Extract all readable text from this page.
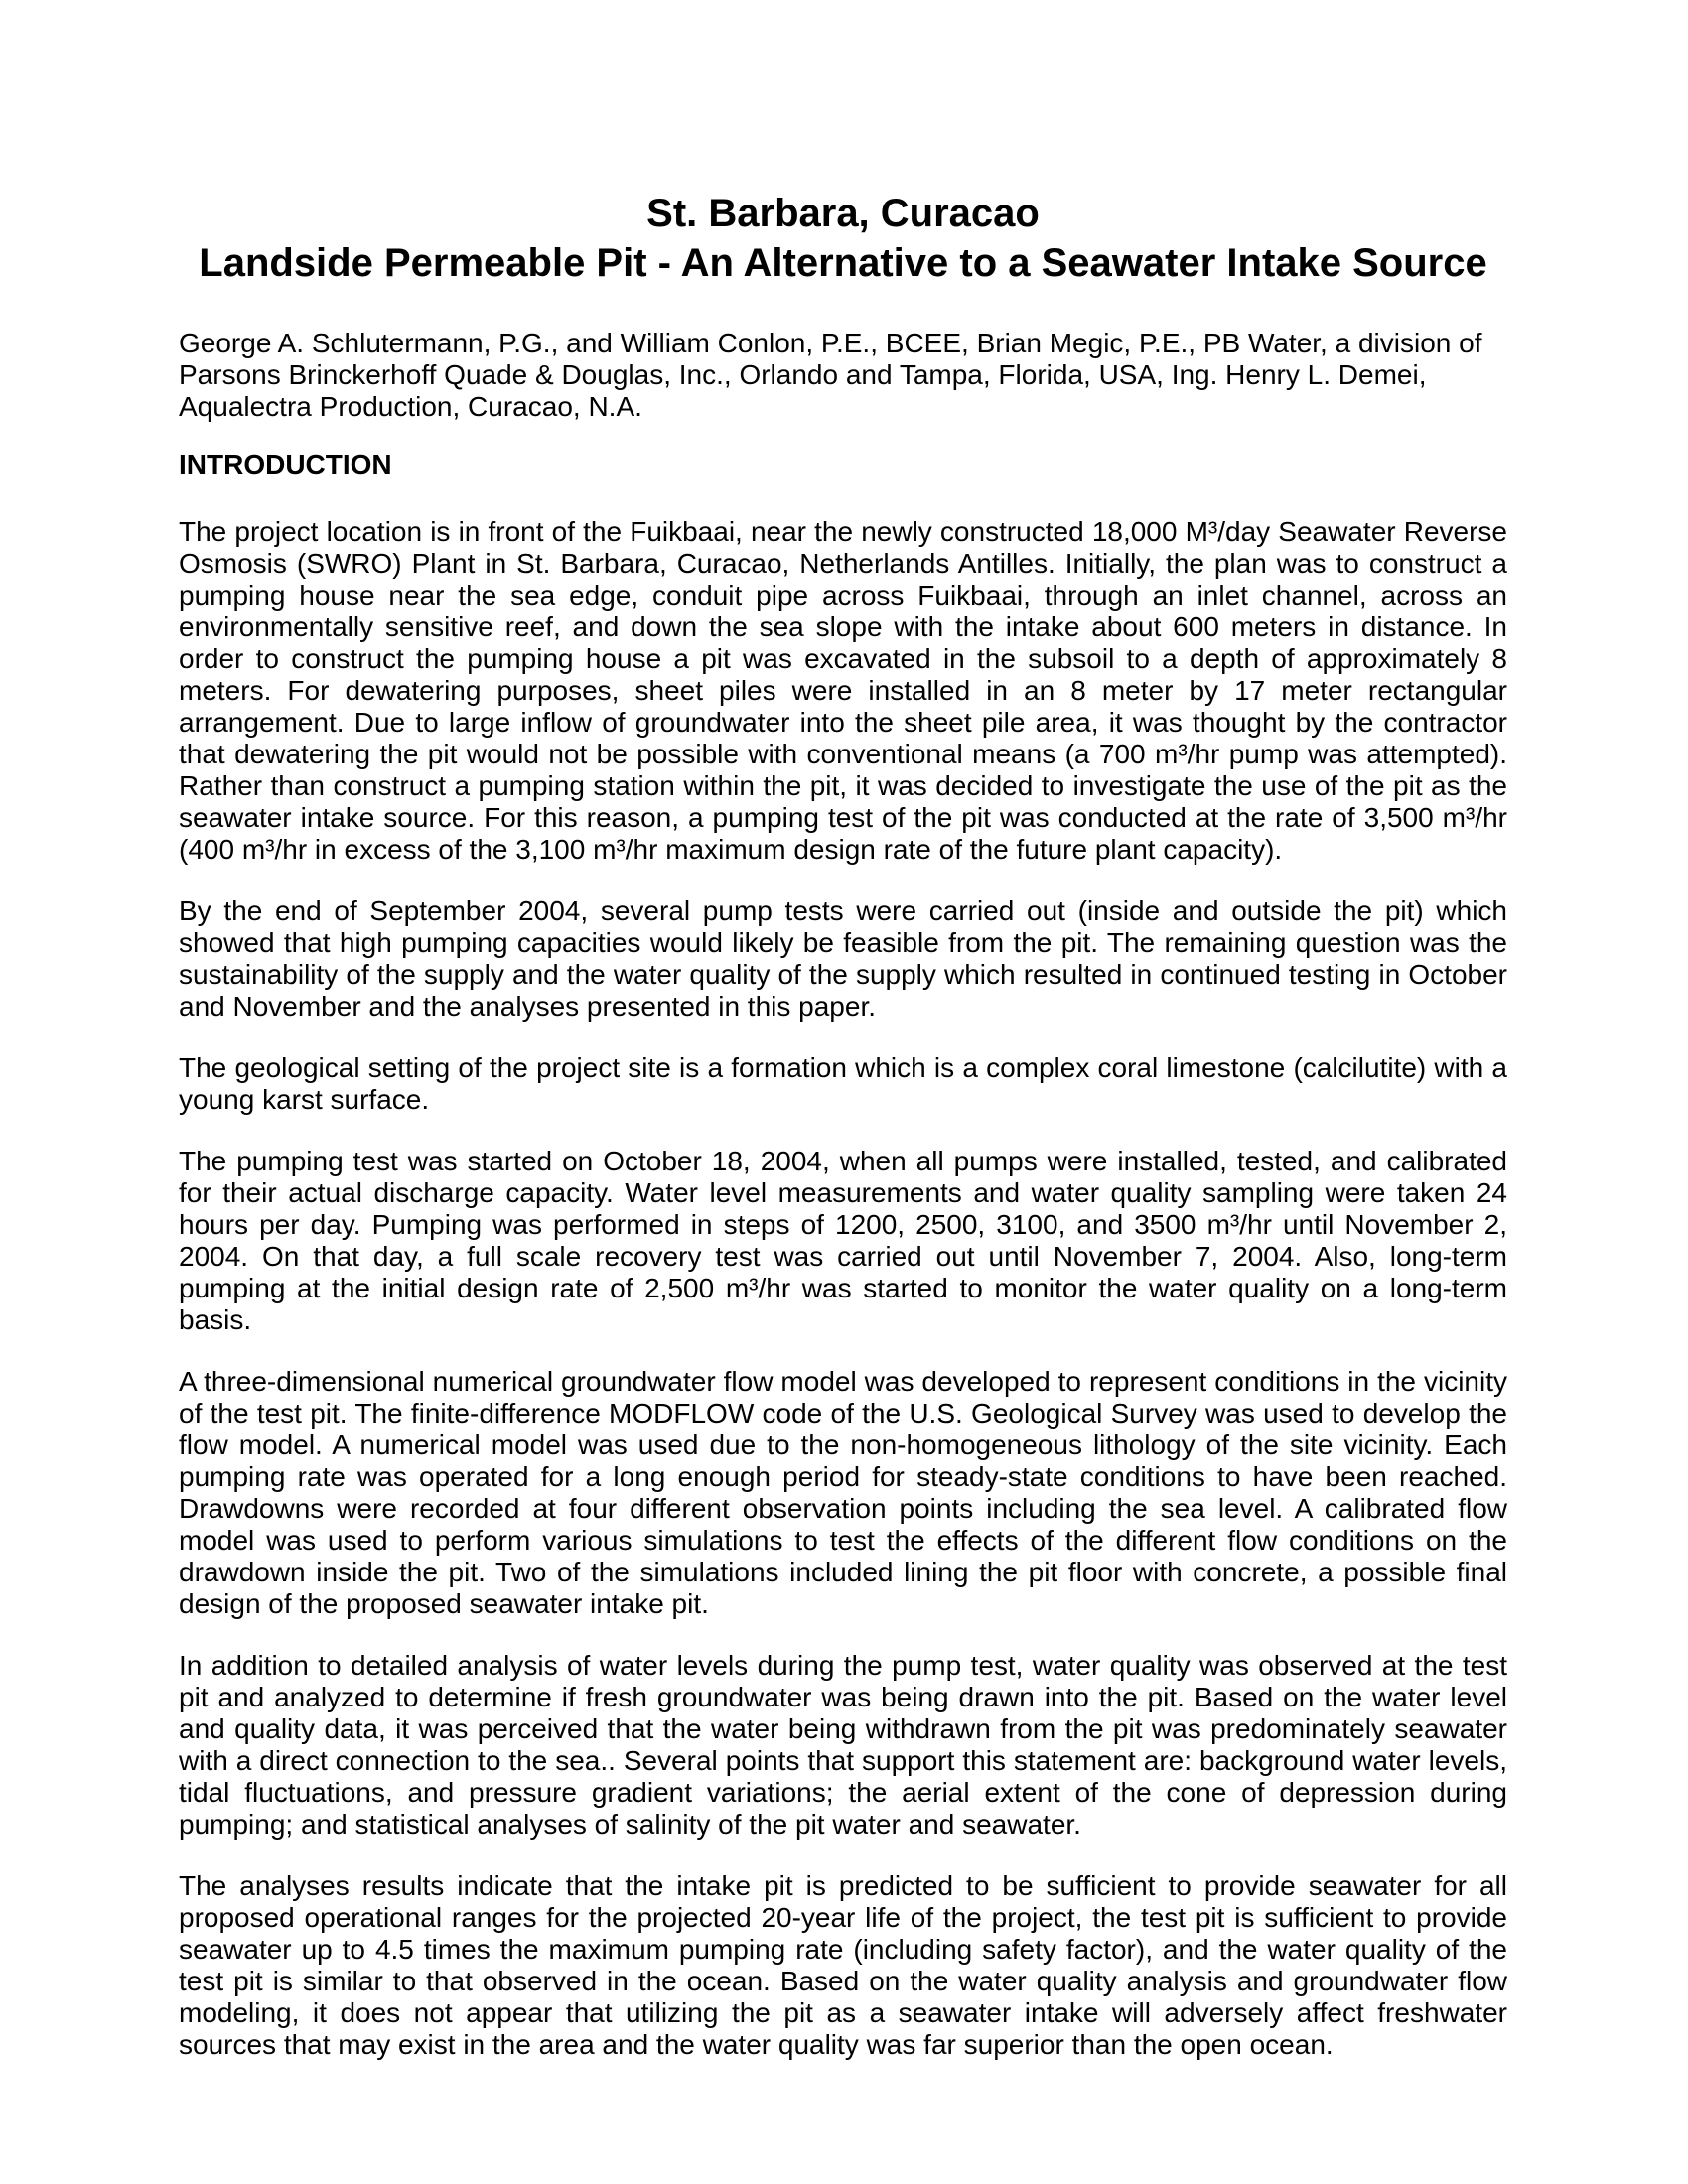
St. Barbara, Curacao
Landside Permeable Pit - An Alternative to a Seawater Intake Source

George A. Schlutermann, P.G., and William Conlon, P.E., BCEE, Brian Megic, P.E., PB Water, a division of Parsons Brinckerhoff Quade & Douglas, Inc., Orlando and Tampa, Florida, USA, Ing. Henry L. Demei, Aqualectra Production, Curacao, N.A.

INTRODUCTION

The project location is in front of the Fuikbaai, near the newly constructed 18,000 M³/day Seawater Reverse Osmosis (SWRO) Plant in St. Barbara, Curacao, Netherlands Antilles. Initially, the plan was to construct a pumping house near the sea edge, conduit pipe across Fuikbaai, through an inlet channel, across an environmentally sensitive reef, and down the sea slope with the intake about 600 meters in distance. In order to construct the pumping house a pit was excavated in the subsoil to a depth of approximately 8 meters. For dewatering purposes, sheet piles were installed in an 8 meter by 17 meter rectangular arrangement. Due to large inflow of groundwater into the sheet pile area, it was thought by the contractor that dewatering the pit would not be possible with conventional means (a 700 m³/hr pump was attempted). Rather than construct a pumping station within the pit, it was decided to investigate the use of the pit as the seawater intake source. For this reason, a pumping test of the pit was conducted at the rate of 3,500 m³/hr (400 m³/hr in excess of the 3,100 m³/hr maximum design rate of the future plant capacity).

By the end of September 2004, several pump tests were carried out (inside and outside the pit) which showed that high pumping capacities would likely be feasible from the pit. The remaining question was the sustainability of the supply and the water quality of the supply which resulted in continued testing in October and November and the analyses presented in this paper.

The geological setting of the project site is a formation which is a complex coral limestone (calcilutite) with a young karst surface.

The pumping test was started on October 18, 2004, when all pumps were installed, tested, and calibrated for their actual discharge capacity. Water level measurements and water quality sampling were taken 24 hours per day. Pumping was performed in steps of 1200, 2500, 3100, and 3500 m³/hr until November 2, 2004. On that day, a full scale recovery test was carried out until November 7, 2004. Also, long-term pumping at the initial design rate of 2,500 m³/hr was started to monitor the water quality on a long-term basis.

A three-dimensional numerical groundwater flow model was developed to represent conditions in the vicinity of the test pit. The finite-difference MODFLOW code of the U.S. Geological Survey was used to develop the flow model. A numerical model was used due to the non-homogeneous lithology of the site vicinity. Each pumping rate was operated for a long enough period for steady-state conditions to have been reached. Drawdowns were recorded at four different observation points including the sea level. A calibrated flow model was used to perform various simulations to test the effects of the different flow conditions on the drawdown inside the pit. Two of the simulations included lining the pit floor with concrete, a possible final design of the proposed seawater intake pit.

In addition to detailed analysis of water levels during the pump test, water quality was observed at the test pit and analyzed to determine if fresh groundwater was being drawn into the pit. Based on the water level and quality data, it was perceived that the water being withdrawn from the pit was predominately seawater with a direct connection to the sea.. Several points that support this statement are: background water levels, tidal fluctuations, and pressure gradient variations; the aerial extent of the cone of depression during pumping; and statistical analyses of salinity of the pit water and seawater.

The analyses results indicate that the intake pit is predicted to be sufficient to provide seawater for all proposed operational ranges for the projected 20-year life of the project, the test pit is sufficient to provide seawater up to 4.5 times the maximum pumping rate (including safety factor), and the water quality of the test pit is similar to that observed in the ocean. Based on the water quality analysis and groundwater flow modeling, it does not appear that utilizing the pit as a seawater intake will adversely affect freshwater sources that may exist in the area and the water quality was far superior than the open ocean.
